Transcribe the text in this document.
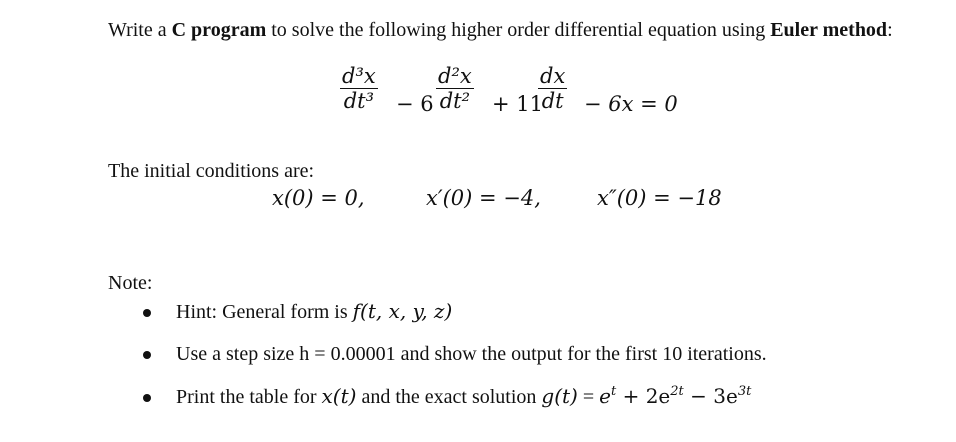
Write a C program to solve the following higher order differential equation using Euler method:
d³x
dt³ − 6
d²x
dt² + 11
dx
dt − 6x = 0
The initial conditions are:
x(0) = 0,	x′(0) = −4,	x″(0) = −18
Note:
Hint: General form is f(t, x, y, z)
Use a step size h = 0.00001 and show the output for the first 10 iterations.
Print the table for x(t) and the exact solution $g(t) = e^t + 2e^{2t} - 3e^{3t}$
